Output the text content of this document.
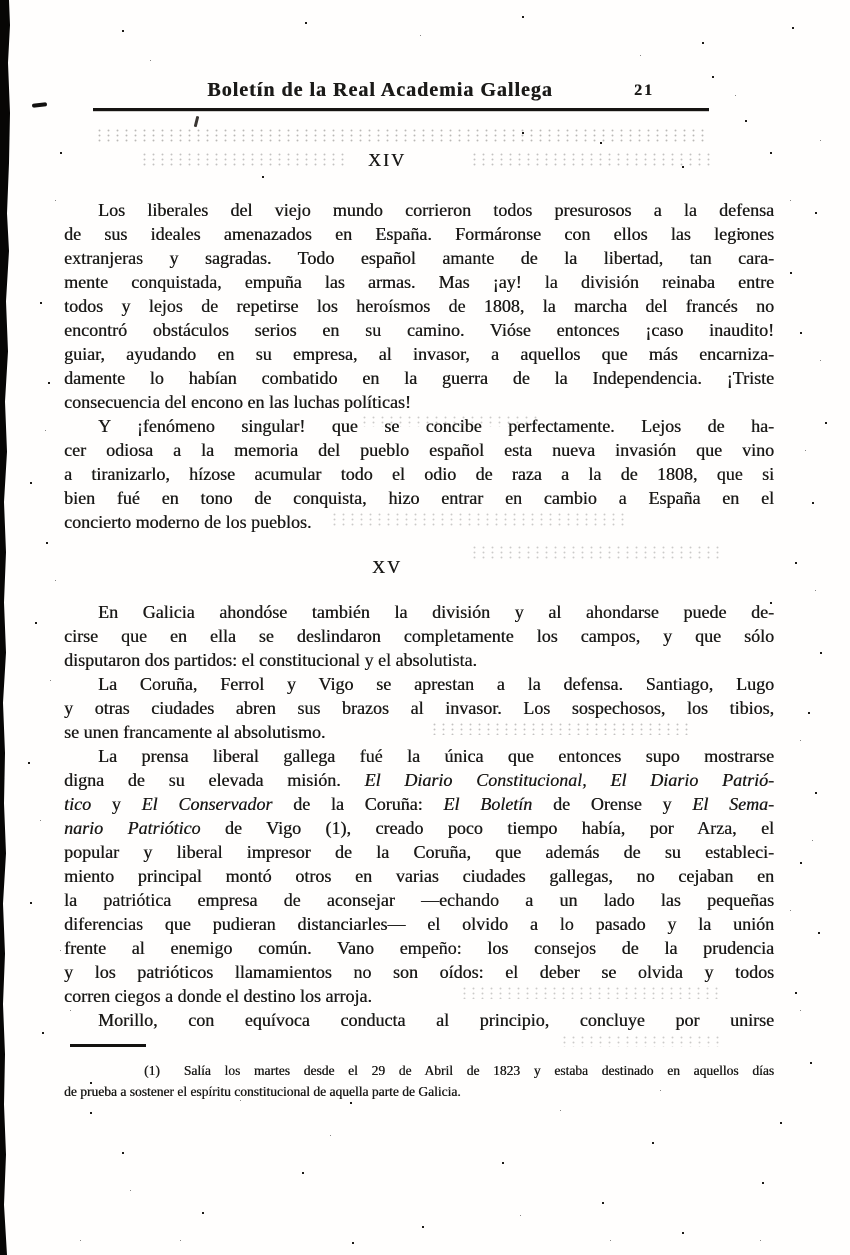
Boletín de la Real Academia Gallega	21
XIV
Los liberales del viejo mundo corrieron todos presurosos a la defensa
de sus ideales amenazados en España. Formáronse con ellos las legiones
extranjeras y sagradas. Todo español amante de la libertad, tan cara-
mente conquistada, empuña las armas. Mas ¡ay! la división reinaba entre
todos y lejos de repetirse los heroísmos de 1808, la marcha del francés no
encontró obstáculos serios en su camino. Vióse entonces ¡caso inaudito!
guiar, ayudando en su empresa, al invasor, a aquellos que más encarniza-
damente lo habían combatido en la guerra de la Independencia. ¡Triste
consecuencia del encono en las luchas políticas!
Y ¡fenómeno singular! que se concibe perfectamente. Lejos de ha-
cer odiosa a la memoria del pueblo español esta nueva invasión que vino
a tiranizarlo, hízose acumular todo el odio de raza a la de 1808, que si
bien fué en tono de conquista, hizo entrar en cambio a España en el
concierto moderno de los pueblos.
XV
En Galicia ahondóse también la división y al ahondarse puede de-
cirse que en ella se deslindaron completamente los campos, y que sólo
disputaron dos partidos: el constitucional y el absolutista.
La Coruña, Ferrol y Vigo se aprestan a la defensa. Santiago, Lugo
y otras ciudades abren sus brazos al invasor. Los sospechosos, los tibios,
se unen francamente al absolutismo.
La prensa liberal gallega fué la única que entonces supo mostrarse
digna de su elevada misión. El Diario Constitucional, El Diario Patrió-
tico y El Conservador de la Coruña: El Boletín de Orense y El Sema-
nario Patriótico de Vigo (1), creado poco tiempo había, por Arza, el
popular y liberal impresor de la Coruña, que además de su estableci-
miento principal montó otros en varias ciudades gallegas, no cejaban en
la patriótica empresa de aconsejar —echando a un lado las pequeñas
diferencias que pudieran distanciarles— el olvido a lo pasado y la unión
frente al enemigo común. Vano empeño: los consejos de la prudencia
y los patrióticos llamamientos no son oídos: el deber se olvida y todos
corren ciegos a donde el destino los arroja.
Morillo, con equívoca conducta al principio, concluye por unirse
(1) Salía los martes desde el 29 de Abril de 1823 y estaba destinado en aquellos días
de prueba a sostener el espíritu constitucional de aquella parte de Galicia.
